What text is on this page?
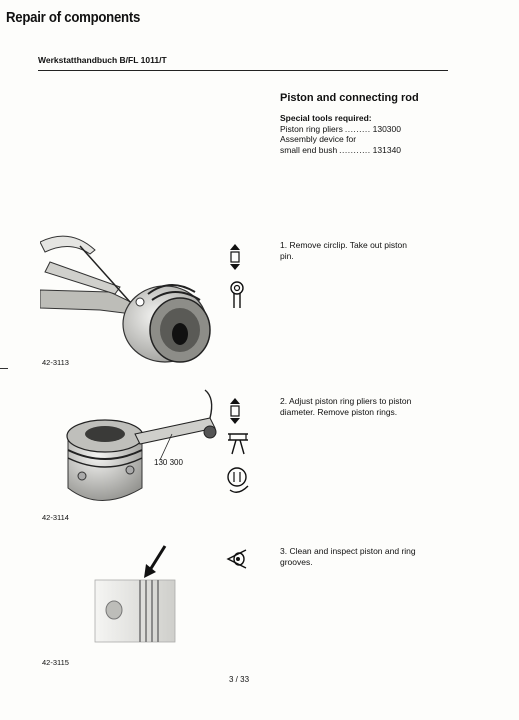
Repair of components
Werkstatthandbuch B/FL 1011/T
Piston and connecting rod
Special tools required:
Piston ring pliers ......... 130300
Assembly device for
small end bush ........... 131340
1. Remove circlip. Take out piston pin.
42-3113
2. Adjust piston ring pliers to piston diameter. Remove piston rings.
130 300
42-3114
3. Clean and inspect piston and ring grooves.
42-3115
3 / 33
